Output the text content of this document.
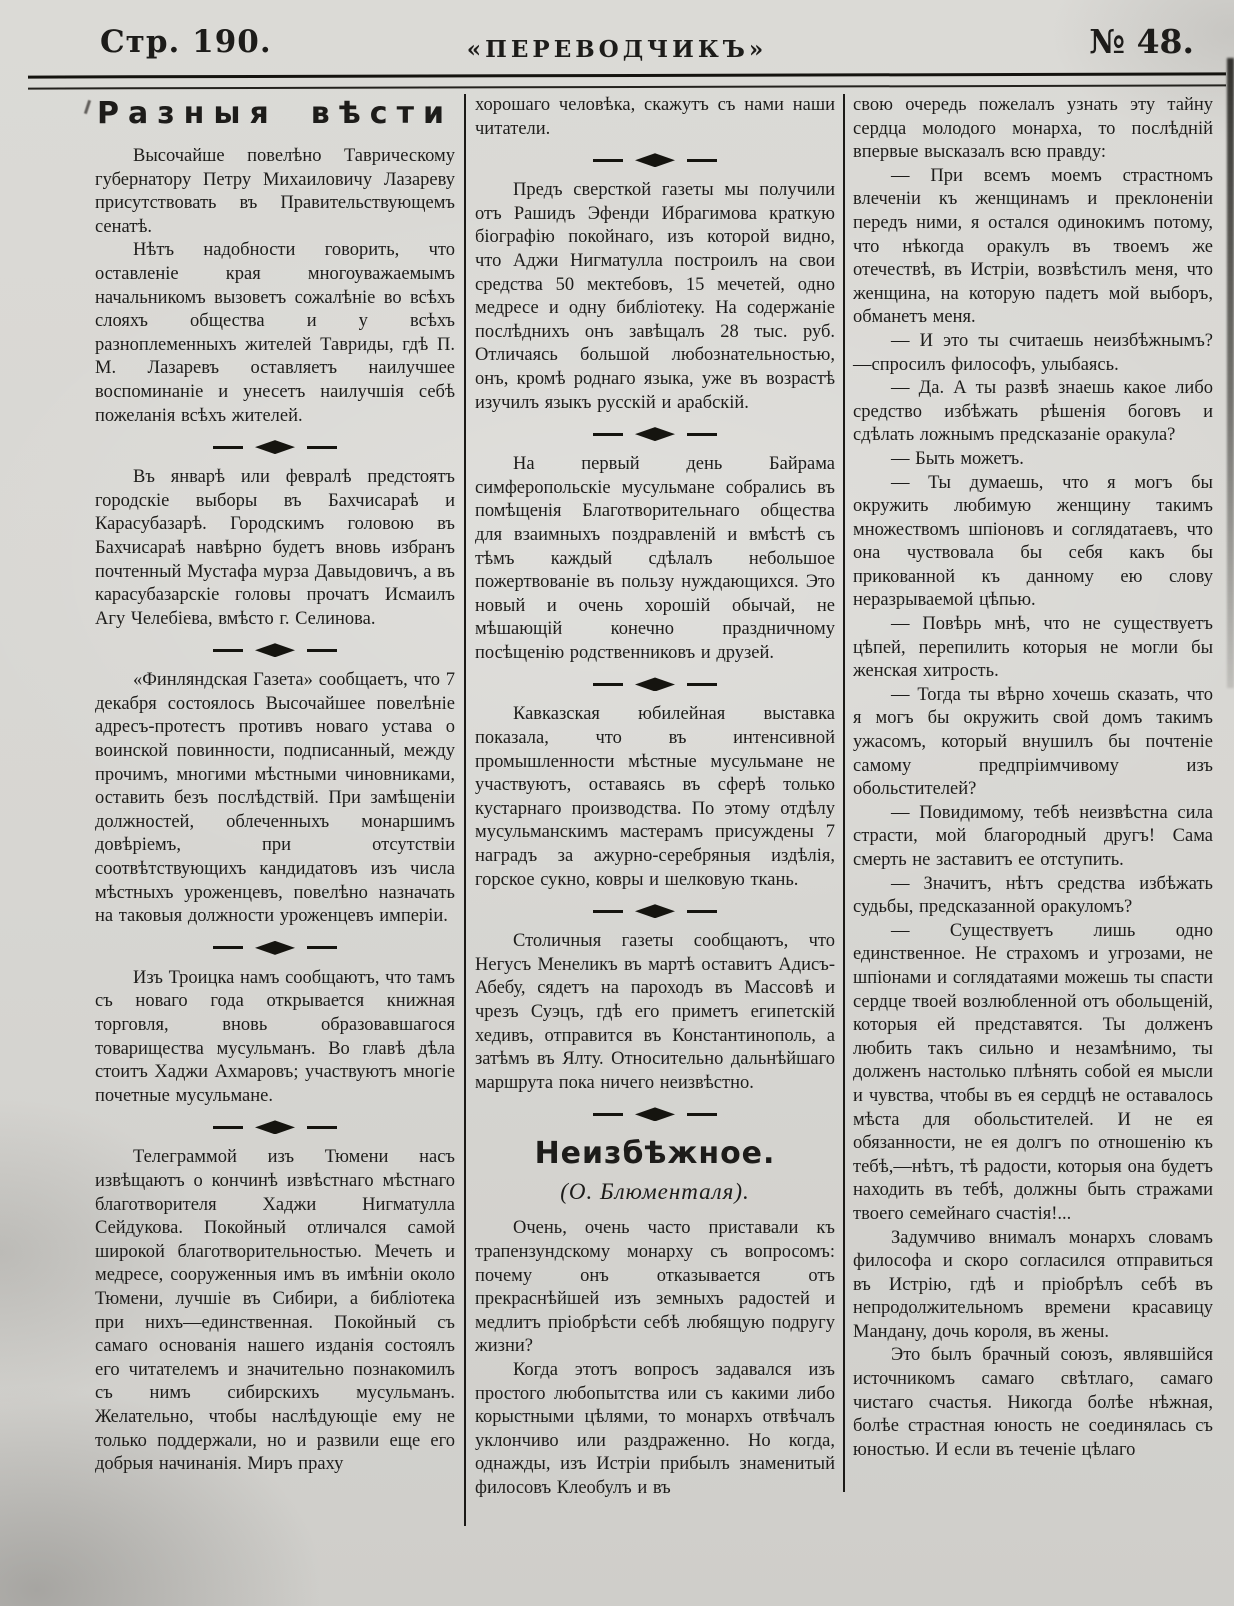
Стр. 190.	«ПЕРЕВОДЧИКЪ»	№ 48.
Разныя вѣсти

Высочайше повелѣно Таврическому губернатору Петру Михаиловичу Лазареву присутствовать въ Правительствующемъ сенатѣ.

Нѣтъ надобности говорить, что оставленіе края многоуважаемымъ начальникомъ вызоветъ сожалѣніе во всѣхъ слояхъ общества и у всѣхъ разноплеменныхъ жителей Тавриды, гдѣ П. М. Лазаревъ оставляетъ наилучшее воспоминаніе и унесетъ наилучшія себѣ пожеланія всѣхъ жителей.

Въ январѣ или февралѣ предстоятъ городскіе выборы въ Бахчисараѣ и Карасубазарѣ. Городскимъ головою въ Бахчисараѣ навѣрно будетъ вновь избранъ почтенный Мустафа мурза Давыдовичъ, а въ карасубазарскіе головы прочатъ Исмаилъ Агу Челебіева, вмѣсто г. Селинова.

«Финляндская Газета» сообщаетъ, что 7 декабря состоялось Высочайшее повелѣніе адресъ-протестъ противъ новаго устава о воинской повинности, подписанный, между прочимъ, многими мѣстными чиновниками, оставить безъ послѣдствій. При замѣщеніи должностей, облеченныхъ монаршимъ довѣріемъ, при отсутствіи соотвѣтствующихъ кандидатовъ изъ числа мѣстныхъ уроженцевъ, повелѣно назначать на таковыя должности уроженцевъ имперіи.

Изъ Троицка намъ сообщаютъ, что тамъ съ новаго года открывается книжная торговля, вновь образовавшагося товарищества мусульманъ. Во главѣ дѣла стоитъ Хаджи Ахмаровъ; участвуютъ многіе почетные мусульмане.

Телеграммой изъ Тюмени насъ извѣщаютъ о кончинѣ извѣстнаго мѣстнаго благотворителя Хаджи Нигматулла Сейдукова. Покойный отличался самой широкой благотворительностью. Мечеть и медресе, сооруженныя имъ въ имѣніи около Тюмени, лучшіе въ Сибири, а библіотека при нихъ—единственная. Покойный съ самаго основанія нашего изданія состоялъ его читателемъ и значительно познакомилъ съ нимъ сибирскихъ мусульманъ. Желательно, чтобы наслѣдующіе ему не только поддержали, но и развили еще его добрыя начинанія. Миръ праху

хорошаго человѣка, скажутъ съ нами наши читатели.

Предъ сверсткой газеты мы получили отъ Рашидъ Эфенди Ибрагимова краткую біографію покойнаго, изъ которой видно, что Аджи Нигматулла построилъ на свои средства 50 мектебовъ, 15 мечетей, одно медресе и одну библіотеку. На содержаніе послѣднихъ онъ завѣщалъ 28 тыс. руб. Отличаясь большой любознательностью, онъ, кромѣ роднаго языка, уже въ возрастѣ изучилъ языкъ русскій и арабскій.

На первый день Байрама симферопольскіе мусульмане собрались въ помѣщенія Благотворительнаго общества для взаимныхъ поздравленій и вмѣстѣ съ тѣмъ каждый сдѣлалъ небольшое пожертвованіе въ пользу нуждающихся. Это новый и очень хорошій обычай, не мѣшающій конечно праздничному посѣщенію родственниковъ и друзей.

Кавказская юбилейная выставка показала, что въ интенсивной промышленности мѣстные мусульмане не участвуютъ, оставаясь въ сферѣ только кустарнаго производства. По этому отдѣлу мусульманскимъ мастерамъ присуждены 7 наградъ за ажурно-серебряныя издѣлія, горское сукно, ковры и шелковую ткань.

Столичныя газеты сообщаютъ, что Негусъ Менеликъ въ мартѣ оставитъ Адисъ-Абебу, сядетъ на пароходъ въ Массовѣ и чрезъ Суэцъ, гдѣ его приметъ египетскій хедивъ, отправится въ Константинополь, а затѣмъ въ Ялту. Относительно дальнѣйшаго маршрута пока ничего неизвѣстно.

Неизбѣжное.
(О. Блюменталя).

Очень, очень часто приставали къ трапензундскому монарху съ вопросомъ: почему онъ отказывается отъ прекраснѣйшей изъ земныхъ радостей и медлитъ пріобрѣсти себѣ любящую подругу жизни?

Когда этотъ вопросъ задавался изъ простого любопытства или съ какими либо корыстными цѣлями, то монархъ отвѣчалъ уклончиво или раздраженно. Но когда, однажды, изъ Истріи прибылъ знаменитый филосовъ Клеобулъ и въ

свою очередь пожелалъ узнать эту тайну сердца молодого монарха, то послѣдній впервые высказалъ всю правду:

— При всемъ моемъ страстномъ влеченіи къ женщинамъ и преклоненіи передъ ними, я остался одинокимъ потому, что нѣкогда оракулъ въ твоемъ же отечествѣ, въ Истріи, возвѣстилъ меня, что женщина, на которую падетъ мой выборъ, обманетъ меня.

— И это ты считаешь неизбѣжнымъ? —спросилъ философъ, улыбаясь.

— Да. А ты развѣ знаешь какое либо средство избѣжать рѣшенія боговъ и сдѣлать ложнымъ предсказаніе оракула?

— Быть можетъ.

— Ты думаешь, что я могъ бы окружить любимую женщину такимъ множествомъ шпіоновъ и соглядатаевъ, что она чуствовала бы себя какъ бы прикованной къ данному ею слову неразрываемой цѣпью.

— Повѣрь мнѣ, что не существуетъ цѣпей, перепилить которыя не могли бы женская хитрость.

— Тогда ты вѣрно хочешь сказать, что я могъ бы окружить свой домъ такимъ ужасомъ, который внушилъ бы почтеніе самому предпріимчивому изъ обольстителей?

— Повидимому, тебѣ неизвѣстна сила страсти, мой благородный другъ! Сама смерть не заставитъ ее отступить.

— Значитъ, нѣтъ средства избѣжать судьбы, предсказанной оракуломъ?

— Существуетъ лишь одно единственное. Не страхомъ и угрозами, не шпіонами и соглядатаями можешь ты спасти сердце твоей возлюбленной отъ обольщеній, которыя ей представятся. Ты долженъ любить такъ сильно и незамѣнимо, ты долженъ настолько плѣнять собой ея мысли и чувства, чтобы въ ея сердцѣ не оставалось мѣста для обольстителей. И не ея обязанности, не ея долгъ по отношенію къ тебѣ,—нѣтъ, тѣ радости, которыя она будетъ находить въ тебѣ, должны быть стражами твоего семейнаго счастія!...

Задумчиво внималъ монархъ словамъ философа и скоро согласился отправиться въ Истрію, гдѣ и пріобрѣлъ себѣ въ непродолжительномъ времени красавицу Мандану, дочь короля, въ жены.

Это былъ брачный союзъ, являвшійся источникомъ самаго свѣтлаго, самаго чистаго счастья. Никогда болѣе нѣжная, болѣе страстная юность не соединялась съ юностью. И если въ теченіе цѣлаго
